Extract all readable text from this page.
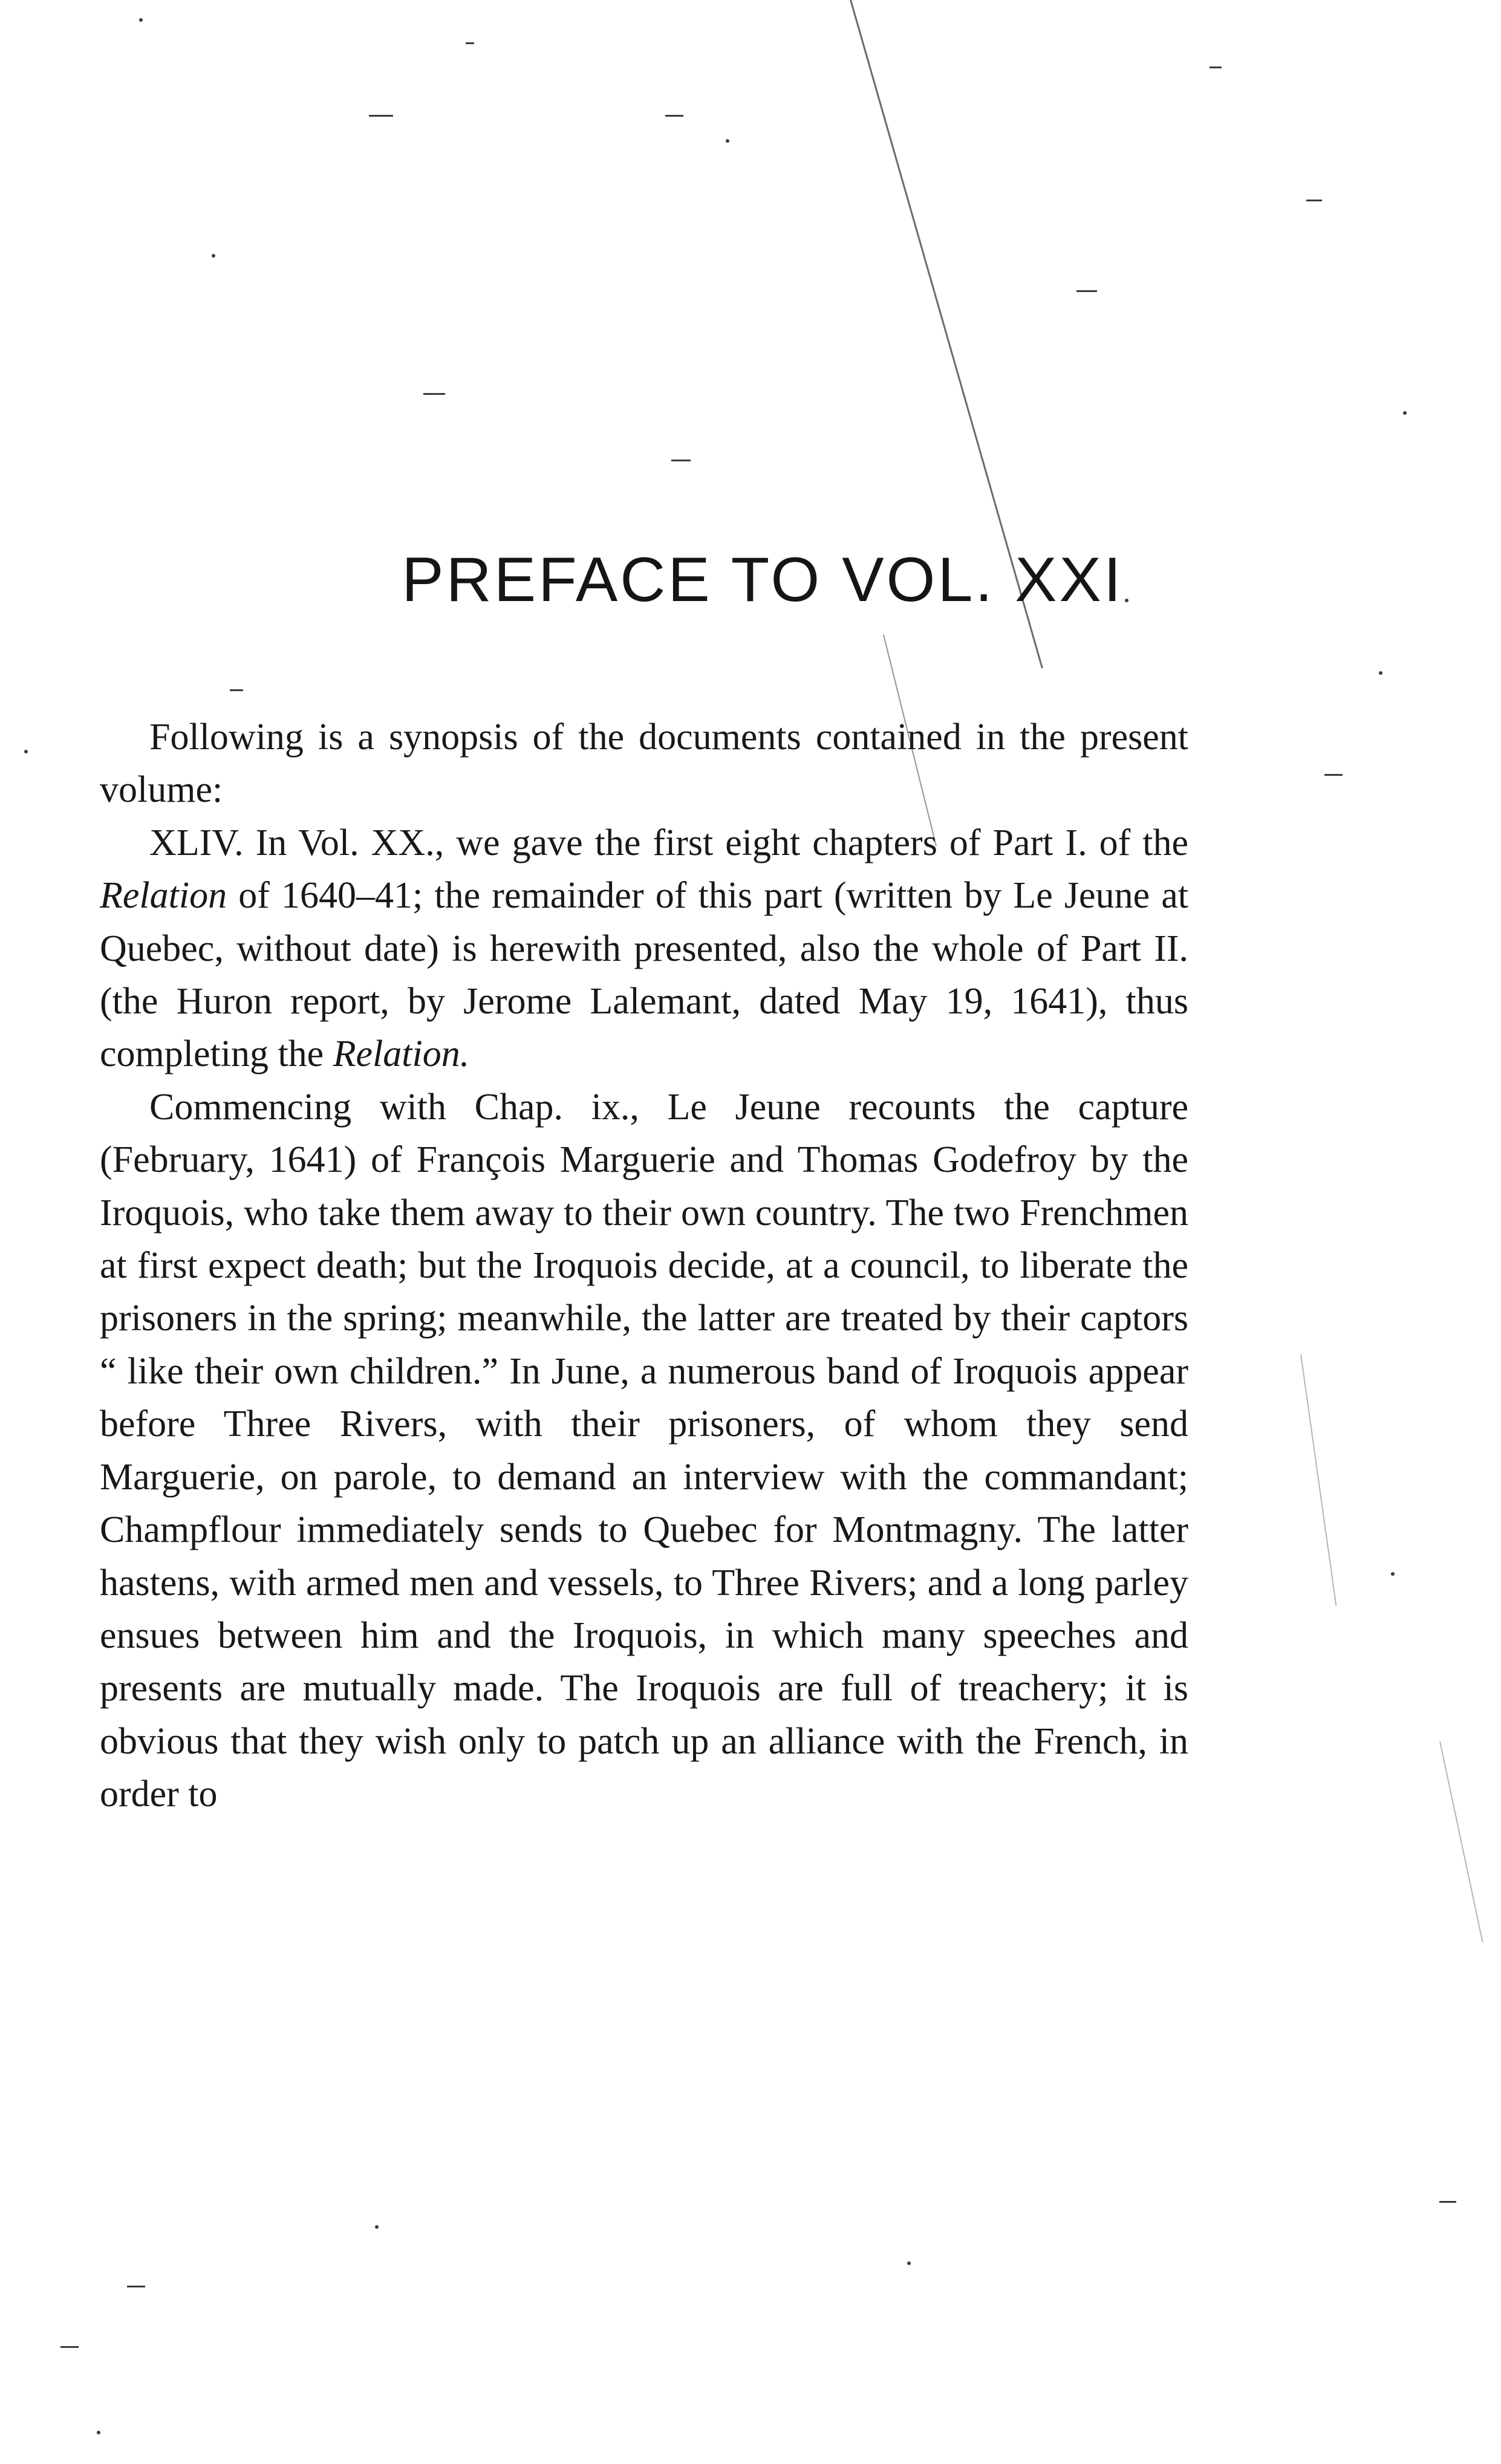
PREFACE TO VOL. XXI

Following is a synopsis of the documents contained in the present volume:

XLIV. In Vol. XX., we gave the first eight chapters of Part I. of the Relation of 1640–41; the remainder of this part (written by Le Jeune at Quebec, without date) is herewith presented, also the whole of Part II. (the Huron report, by Jerome Lalemant, dated May 19, 1641), thus completing the Relation.

Commencing with Chap. ix., Le Jeune recounts the capture (February, 1641) of François Marguerie and Thomas Godefroy by the Iroquois, who take them away to their own country. The two Frenchmen at first expect death; but the Iroquois decide, at a council, to liberate the prisoners in the spring; meanwhile, the latter are treated by their captors “ like their own children.” In June, a numerous band of Iroquois appear before Three Rivers, with their prisoners, of whom they send Marguerie, on parole, to demand an interview with the commandant; Champflour immediately sends to Quebec for Montmagny. The latter hastens, with armed men and vessels, to Three Rivers; and a long parley ensues between him and the Iroquois, in which many speeches and presents are mutually made. The Iroquois are full of treachery; it is obvious that they wish only to patch up an alliance with the French, in order to
